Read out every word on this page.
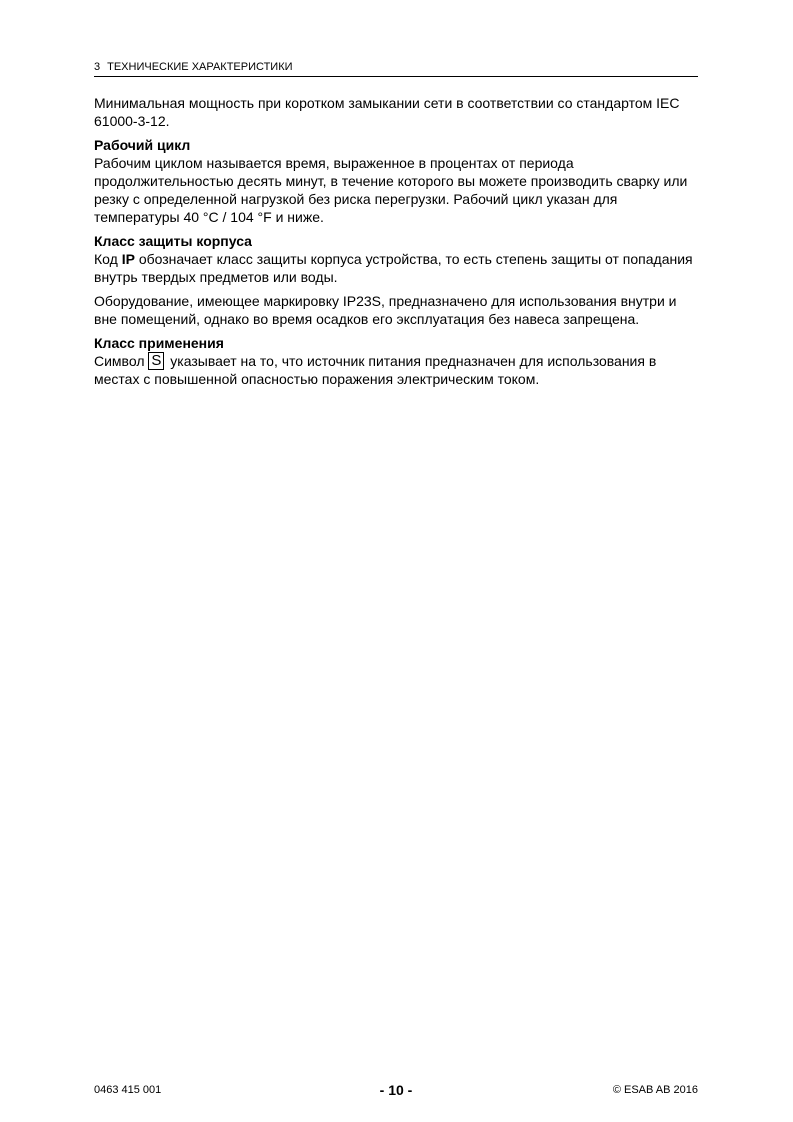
3 ТЕХНИЧЕСКИЕ ХАРАКТЕРИСТИКИ

Минимальная мощность при коротком замыкании сети в соответствии со стандартом IEC 61000-3-12.

Рабочий цикл

Рабочим циклом называется время, выраженное в процентах от периода продолжительностью десять минут, в течение которого вы можете производить сварку или резку с определенной нагрузкой без риска перегрузки. Рабочий цикл указан для температуры 40 °C / 104 °F и ниже.

Класс защиты корпуса

Код IP обозначает класс защиты корпуса устройства, то есть степень защиты от попадания внутрь твердых предметов или воды.

Оборудование, имеющее маркировку IP23S, предназначено для использования внутри и вне помещений, однако во время осадков его эксплуатация без навеса запрещена.

Класс применения

Символ S указывает на то, что источник питания предназначен для использования в местах с повышенной опасностью поражения электрическим током.

0463 415 001	- 10 -	© ESAB AB 2016
